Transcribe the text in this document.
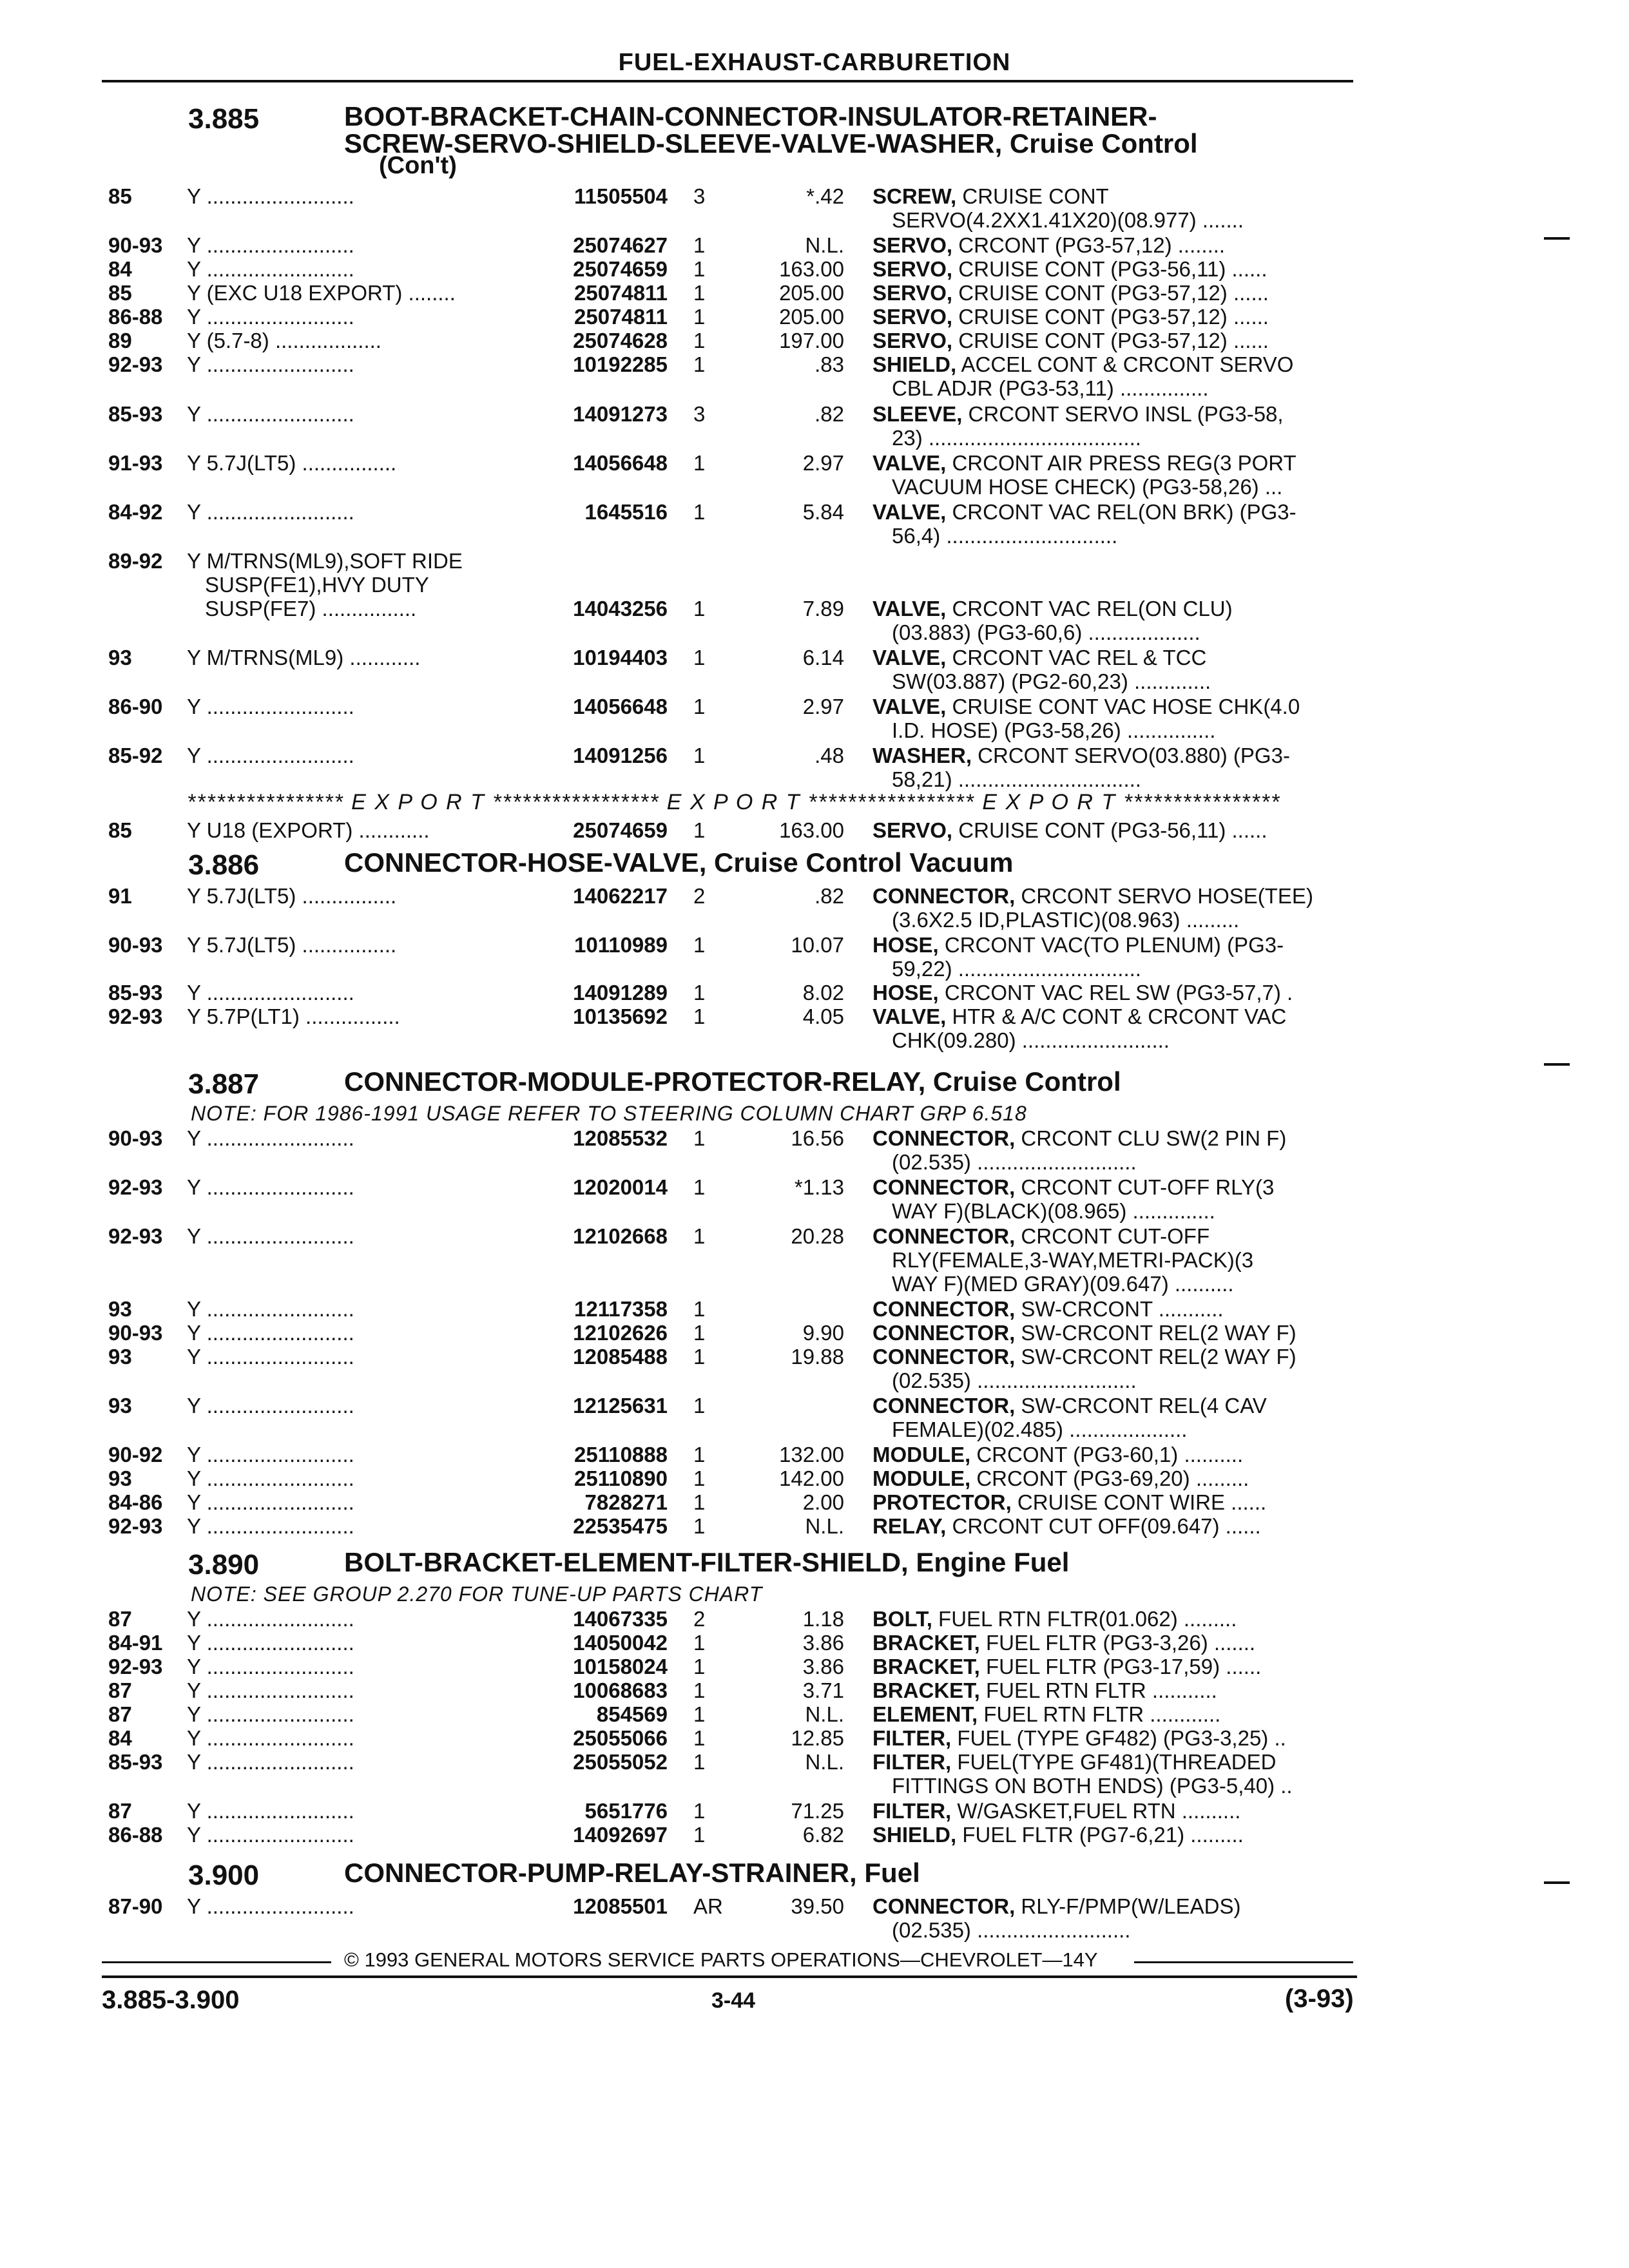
FUEL-EXHAUST-CARBURETION
3.885	BOOT-BRACKET-CHAIN-CONNECTOR-INSULATOR-RETAINER-
SCREW-SERVO-SHIELD-SLEEVE-VALVE-WASHER, Cruise Control
(Con't)
85	Y .........................	11505504 3	*.42 SCREW, CRUISE CONT
SERVO(4.2XX1.41X20)(08.977) .......
90-93 Y .........................	25074627 1	N.L. SERVO, CRCONT (PG3-57,12) ........
84	Y .........................	25074659 1	163.00 SERVO, CRUISE CONT (PG3-56,11) ......
85	Y (EXC U18 EXPORT) ........	25074811 1	205.00 SERVO, CRUISE CONT (PG3-57,12) ......
86-88 Y .........................	25074811 1	205.00 SERVO, CRUISE CONT (PG3-57,12) ......
89	Y (5.7-8) ..................	25074628 1	197.00 SERVO, CRUISE CONT (PG3-57,12) ......
92-93 Y .........................	10192285 1	.83 SHIELD, ACCEL CONT & CRCONT SERVO
CBL ADJR (PG3-53,11) ...............
85-93 Y .........................	14091273 3	.82 SLEEVE, CRCONT SERVO INSL (PG3-58,
23) ....................................
91-93 Y 5.7J(LT5) ................	14056648 1	2.97 VALVE, CRCONT AIR PRESS REG(3 PORT
VACUUM HOSE CHECK) (PG3-58,26) ...
84-92 Y .........................	1645516 1	5.84 VALVE, CRCONT VAC REL(ON BRK) (PG3-
56,4) .............................
89-92 Y M/TRNS(ML9),SOFT RIDE
SUSP(FE1),HVY DUTY
SUSP(FE7) ................	14043256 1	7.89 VALVE, CRCONT VAC REL(ON CLU)
(03.883) (PG3-60,6) ...................
93	Y M/TRNS(ML9) ............	10194403 1	6.14 VALVE, CRCONT VAC REL & TCC
SW(03.887) (PG2-60,23) .............
86-90 Y .........................	14056648 1	2.97 VALVE, CRUISE CONT VAC HOSE CHK(4.0
I.D. HOSE) (PG3-58,26) ...............
85-92 Y .........................	14091256 1	.48 WASHER, CRCONT SERVO(03.880) (PG3-
58,21) ...............................
**************** E X P O R T ***************** E X P O R T ***************** E X P O R T ****************
85	Y U18 (EXPORT) ............	25074659 1	163.00 SERVO, CRUISE CONT (PG3-56,11) ......
3.886	CONNECTOR-HOSE-VALVE, Cruise Control Vacuum
91	Y 5.7J(LT5) ................	14062217 2	.82 CONNECTOR, CRCONT SERVO HOSE(TEE)
(3.6X2.5 ID,PLASTIC)(08.963) .........
90-93 Y 5.7J(LT5) ................	10110989 1	10.07 HOSE, CRCONT VAC(TO PLENUM) (PG3-
59,22) ...............................
85-93 Y .........................	14091289 1	8.02 HOSE, CRCONT VAC REL SW (PG3-57,7) .
92-93 Y 5.7P(LT1) ................	10135692 1	4.05 VALVE, HTR & A/C CONT & CRCONT VAC
CHK(09.280) .........................
3.887	CONNECTOR-MODULE-PROTECTOR-RELAY, Cruise Control
NOTE: FOR 1986-1991 USAGE REFER TO STEERING COLUMN CHART GRP 6.518
90-93 Y .........................	12085532 1	16.56 CONNECTOR, CRCONT CLU SW(2 PIN F)
(02.535) ...........................
92-93 Y .........................	12020014 1	*1.13 CONNECTOR, CRCONT CUT-OFF RLY(3
WAY F)(BLACK)(08.965) ..............
92-93 Y .........................	12102668 1	20.28 CONNECTOR, CRCONT CUT-OFF
RLY(FEMALE,3-WAY,METRI-PACK)(3
WAY F)(MED GRAY)(09.647) ..........
93	Y .........................	12117358 1	CONNECTOR, SW-CRCONT ...........
90-93 Y .........................	12102626 1	9.90 CONNECTOR, SW-CRCONT REL(2 WAY F)
93	Y .........................	12085488 1	19.88 CONNECTOR, SW-CRCONT REL(2 WAY F)
(02.535) ...........................
93	Y .........................	12125631 1	CONNECTOR, SW-CRCONT REL(4 CAV
FEMALE)(02.485) ....................
90-92 Y .........................	25110888 1	132.00 MODULE, CRCONT (PG3-60,1) ..........
93	Y .........................	25110890 1	142.00 MODULE, CRCONT (PG3-69,20) .........
84-86 Y .........................	7828271 1	2.00 PROTECTOR, CRUISE CONT WIRE ......
92-93 Y .........................	22535475 1	N.L. RELAY, CRCONT CUT OFF(09.647) ......
3.890	BOLT-BRACKET-ELEMENT-FILTER-SHIELD, Engine Fuel
NOTE: SEE GROUP 2.270 FOR TUNE-UP PARTS CHART
87	Y .........................	14067335 2	1.18 BOLT, FUEL RTN FLTR(01.062) .........
84-91 Y .........................	14050042 1	3.86 BRACKET, FUEL FLTR (PG3-3,26) .......
92-93 Y .........................	10158024 1	3.86 BRACKET, FUEL FLTR (PG3-17,59) ......
87	Y .........................	10068683 1	3.71 BRACKET, FUEL RTN FLTR ...........
87	Y .........................	854569 1	N.L. ELEMENT, FUEL RTN FLTR ............
84	Y .........................	25055066 1	12.85 FILTER, FUEL (TYPE GF482) (PG3-3,25) ..
85-93 Y .........................	25055052 1	N.L. FILTER, FUEL(TYPE GF481)(THREADED
FITTINGS ON BOTH ENDS) (PG3-5,40) ..
87	Y .........................	5651776 1	71.25 FILTER, W/GASKET,FUEL RTN ..........
86-88 Y .........................	14092697 1	6.82 SHIELD, FUEL FLTR (PG7-6,21) .........
3.900	CONNECTOR-PUMP-RELAY-STRAINER, Fuel
87-90 Y .........................	12085501 AR	39.50 CONNECTOR, RLY-F/PMP(W/LEADS)
(02.535) ..........................
© 1993 GENERAL MOTORS SERVICE PARTS OPERATIONS—CHEVROLET—14Y
3.885-3.900	3-44	(3-93)
